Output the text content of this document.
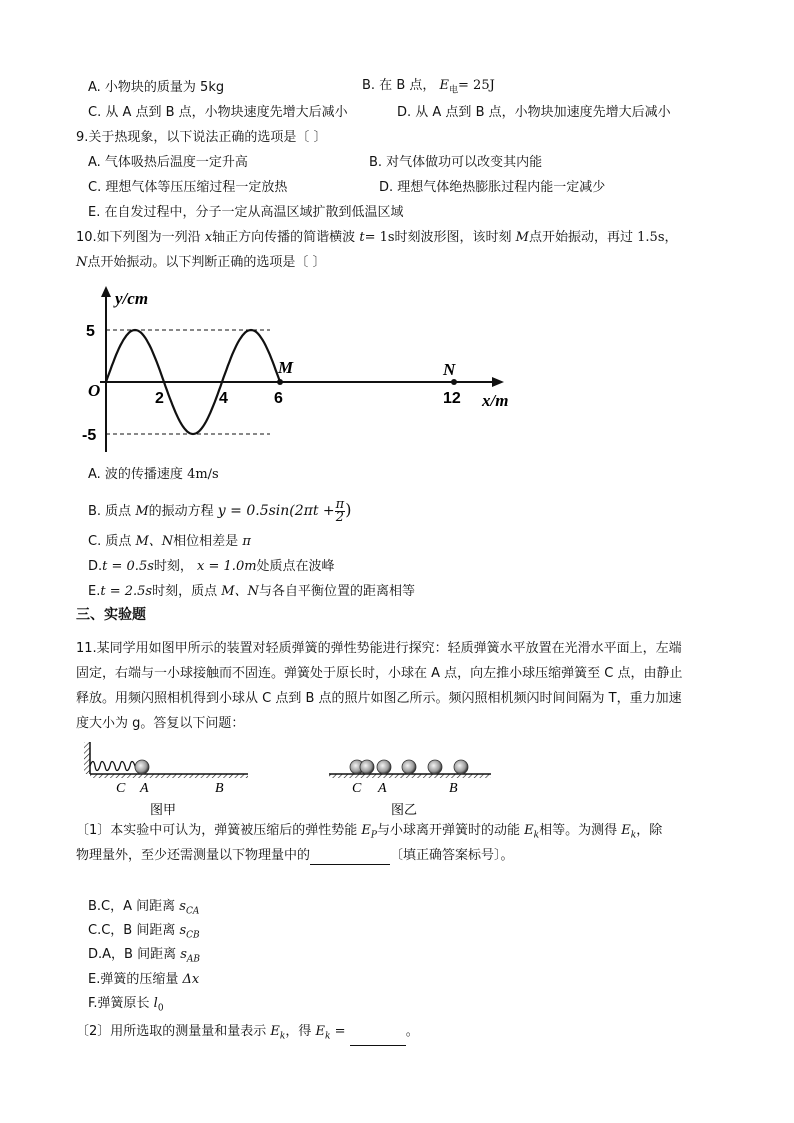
A. 小物块的质量为 5kg	B. 在 B 点， $E_电= 25J$
C. 从 A 点到 B 点，小物块速度先增大后减小	D. 从 A 点到 B 点，小物块加速度先增大后减小
9.关于热现象，以下说法正确的选项是〔 〕
A. 气体吸热后温度一定升高	B. 对气体做功可以改变其内能
C. 理想气体等压压缩过程一定放热	D. 理想气体绝热膨胀过程内能一定减少
E. 在自发过程中，分子一定从高温区域扩散到低温区域
10.如下列图为一列沿 x轴正方向传播的简谐横波 t= 1s时刻波形图，该时刻 M点开始振动，再过 1.5s，
N点开始振动。以下判断正确的选项是〔 〕
y/cm
x/m
O
5
-5
2	4	6	12
M	N
A. 波的传播速度 4m/s
B. 质点 M的振动方程 $y = 0.5\sin(2\pi t + \frac{\pi}{2}$ )
C. 质点 M、N相位相差是 π
D.t = 0.5s时刻， x = 1.0m处质点在波峰
E.t = 2.5s时刻，质点 M、N与各自平衡位置的距离相等
三、实验题
11.某同学用如图甲所示的装置对轻质弹簧的弹性势能进行探究：轻质弹簧水平放置在光滑水平面上，左端
固定，右端与一小球接触而不固连。弹簧处于原长时，小球在 A 点，向左推小球压缩弹簧至 C 点，由静止
释放。用频闪照相机得到小球从 C 点到 B 点的照片如图乙所示。频闪照相机频闪时间间隔为 T，重力加速
度大小为 g。答复以下问题：
C A	B
图甲
C A	B
图乙
〔1〕本实验中可认为，弹簧被压缩后的弹性势能 $E_P$与小球离开弹簧时的动能 $E_k$相等。为测得 $E_k$，除
物理量外，至少还需测量以下物理量中的	〔填正确答案标号〕。
B.C，A 间距离 $s_{CA}$
C.C，B 间距离 $s_{CB}$
D.A，B 间距离 $s_{AB}$
E.弹簧的压缩量 Δx
F.弹簧原长 $l_0$
〔2〕用所选取的测量量和量表示 $E_k$，得 $E_k$ =	。
